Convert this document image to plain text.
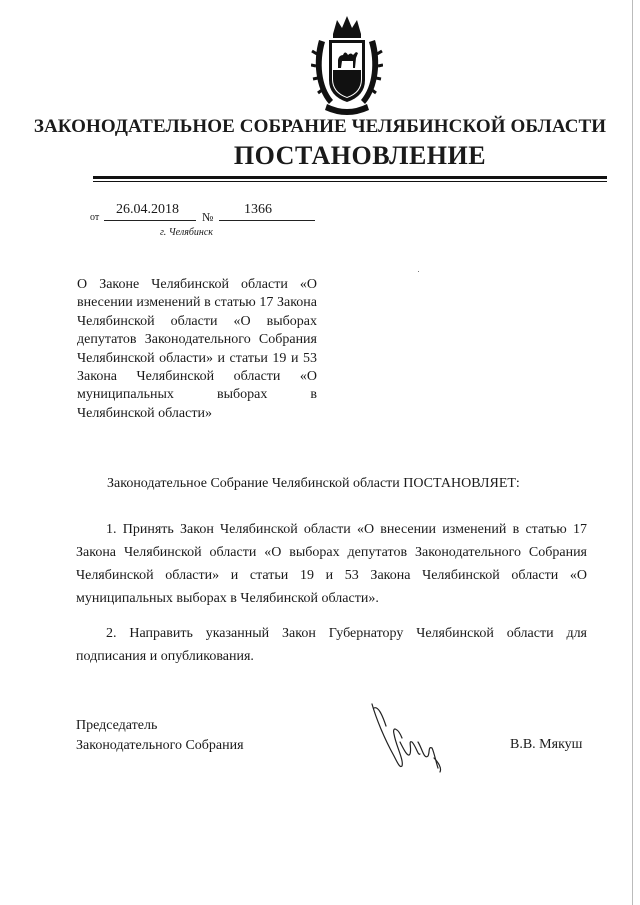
ЗАКОНОДАТЕЛЬНОЕ СОБРАНИЕ ЧЕЛЯБИНСКОЙ ОБЛАСТИ
ПОСТАНОВЛЕНИЕ
от
26.04.2018 № 1366
г. Челябинск
О Законе Челябинской области «О внесении изменений в статью 17 Закона Челябинской области «О выборах депутатов Законодательного Собрания Челябинской области» и статьи 19 и 53 Закона Челябинской области «О муниципальных выборах в Челябинской области»
Законодательное Собрание Челябинской области ПОСТАНОВЛЯЕТ:
1. Принять Закон Челябинской области «О внесении изменений в статью 17 Закона Челябинской области «О выборах депутатов Законодательного Собрания Челябинской области» и статьи 19 и 53 Закона Челябинской области «О муниципальных выборах в Челябинской области».
2. Направить указанный Закон Губернатору Челябинской области для подписания и опубликования.
Председатель
Законодательного Собрания	В.В. Мякуш
